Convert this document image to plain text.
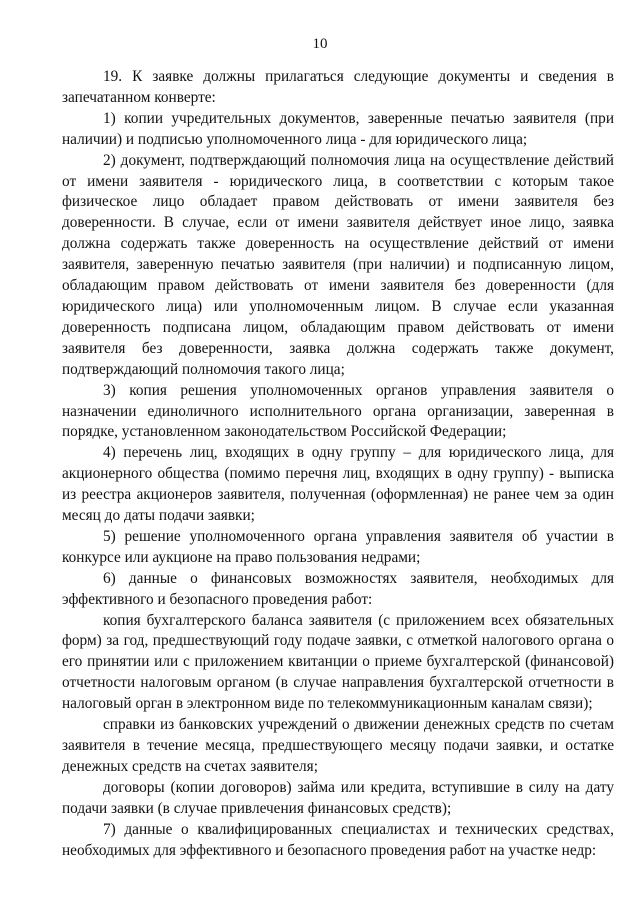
10

19. К заявке должны прилагаться следующие документы и сведения в запечатанном конверте:

1) копии учредительных документов, заверенные печатью заявителя (при наличии) и подписью уполномоченного лица - для юридического лица;

2) документ, подтверждающий полномочия лица на осуществление действий от имени заявителя - юридического лица, в соответствии с которым такое физическое лицо обладает правом действовать от имени заявителя без доверенности. В случае, если от имени заявителя действует иное лицо, заявка должна содержать также доверенность на осуществление действий от имени заявителя, заверенную печатью заявителя (при наличии) и подписанную лицом, обладающим правом действовать от имени заявителя без доверенности (для юридического лица) или уполномоченным лицом. В случае если указанная доверенность подписана лицом, обладающим правом действовать от имени заявителя без доверенности, заявка должна содержать также документ, подтверждающий полномочия такого лица;

3) копия решения уполномоченных органов управления заявителя о назначении единоличного исполнительного органа организации, заверенная в порядке, установленном законодательством Российской Федерации;

4) перечень лиц, входящих в одну группу – для юридического лица, для акционерного общества (помимо перечня лиц, входящих в одну группу) - выписка из реестра акционеров заявителя, полученная (оформленная) не ранее чем за один месяц до даты подачи заявки;

5) решение уполномоченного органа управления заявителя об участии в конкурсе или аукционе на право пользования недрами;

6) данные о финансовых возможностях заявителя, необходимых для эффективного и безопасного проведения работ:

копия бухгалтерского баланса заявителя (с приложением всех обязательных форм) за год, предшествующий году подаче заявки, с отметкой налогового органа о его принятии или с приложением квитанции о приеме бухгалтерской (финансовой) отчетности налоговым органом (в случае направления бухгалтерской отчетности в налоговый орган в электронном виде по телекоммуникационным каналам связи);

справки из банковских учреждений о движении денежных средств по счетам заявителя в течение месяца, предшествующего месяцу подачи заявки, и остатке денежных средств на счетах заявителя;

договоры (копии договоров) займа или кредита, вступившие в силу на дату подачи заявки (в случае привлечения финансовых средств);

7) данные о квалифицированных специалистах и технических средствах, необходимых для эффективного и безопасного проведения работ на участке недр:
